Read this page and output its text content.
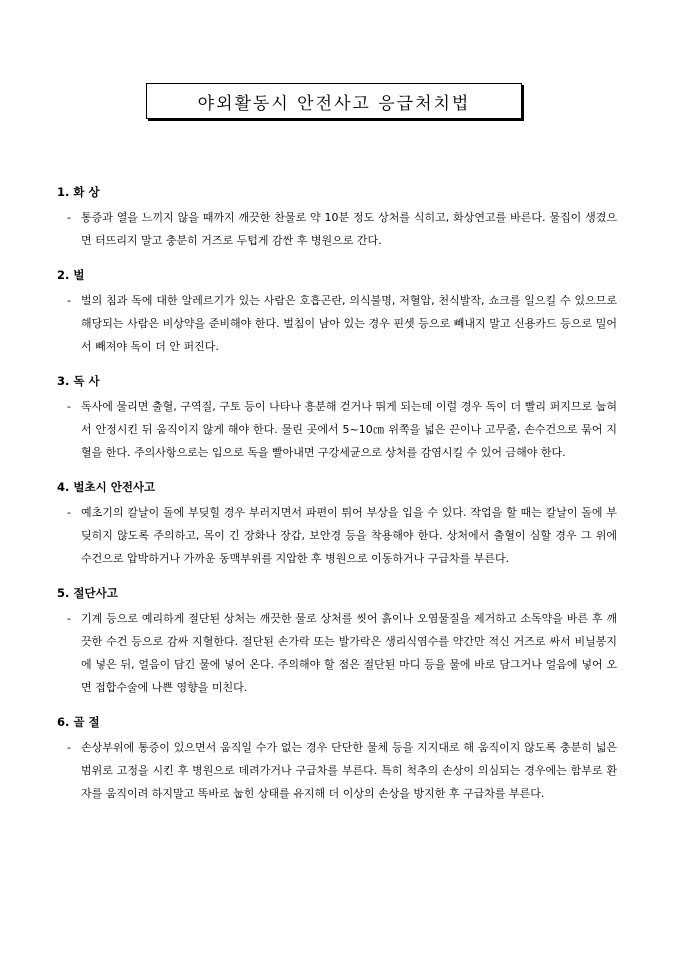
야외활동시 안전사고 응급처치법
1. 화 상
- 통증과 열을 느끼지 않을 때까지 깨끗한 찬물로 약 10분 정도 상처를 식히고, 화상연고를 바른다. 물집이 생겼으면 터뜨리지 말고 충분히 거즈로 두텁게 감싼 후 병원으로 간다.
2. 벌
- 벌의 침과 독에 대한 알레르기가 있는 사람은 호흡곤란, 의식불명, 저혈압, 천식발작, 쇼크를 일으킬 수 있으므로 해당되는 사람은 비상약을 준비해야 한다. 벌침이 남아 있는 경우 핀셋 등으로 빼내지 말고 신용카드 등으로 밀어서 빼져야 독이 더 안 퍼진다.
3. 독 사
- 독사에 물리면 출혈, 구역질, 구토 등이 나타나 흥분해 걷거나 뛰게 되는데 이럴 경우 독이 더 빨리 퍼지므로 눕혀서 안정시킨 뒤 움직이지 않게 해야 한다. 물린 곳에서 5~10㎝ 위쪽을 넓은 끈이나 고무줄, 손수건으로 묶어 지혈을 한다. 주의사항으로는 입으로 독을 빨아내면 구강세균으로 상처를 감염시킬 수 있어 금해야 한다.
4. 벌초시 안전사고
- 예초기의 칼날이 돌에 부딪힐 경우 부러지면서 파편이 튀어 부상을 입을 수 있다. 작업을 할 때는 칼날이 돌에 부딪히지 않도록 주의하고, 목이 긴 장화나 장갑, 보안경 등을 착용해야 한다. 상처에서 출혈이 심할 경우 그 위에 수건으로 압박하거나 가까운 동맥부위를 지압한 후 병원으로 이동하거나 구급차를 부른다.
5. 절단사고
- 기계 등으로 예리하게 절단된 상처는 깨끗한 물로 상처를 씻어 흙이나 오염물질을 제거하고 소독약을 바른 후 깨끗한 수건 등으로 감싸 지혈한다. 절단된 손가락 또는 발가락은 생리식염수를 약간만 적신 거즈로 싸서 비닐봉지에 넣은 뒤, 얼음이 담긴 물에 넣어 온다. 주의해야 할 점은 절단된 마디 등을 물에 바로 담그거나 얼음에 넣어 오면 접합수술에 나쁜 영향을 미친다.
6. 골 절
- 손상부위에 통증이 있으면서 움직일 수가 없는 경우 단단한 물체 등을 지지대로 해 움직이지 않도록 충분히 넓은 범위로 고정을 시킨 후 병원으로 데려가거나 구급차를 부른다. 특히 척추의 손상이 의심되는 경우에는 함부로 환자를 움직이려 하지말고 똑바로 눕힌 상태를 유지해 더 이상의 손상을 방지한 후 구급차를 부른다.
